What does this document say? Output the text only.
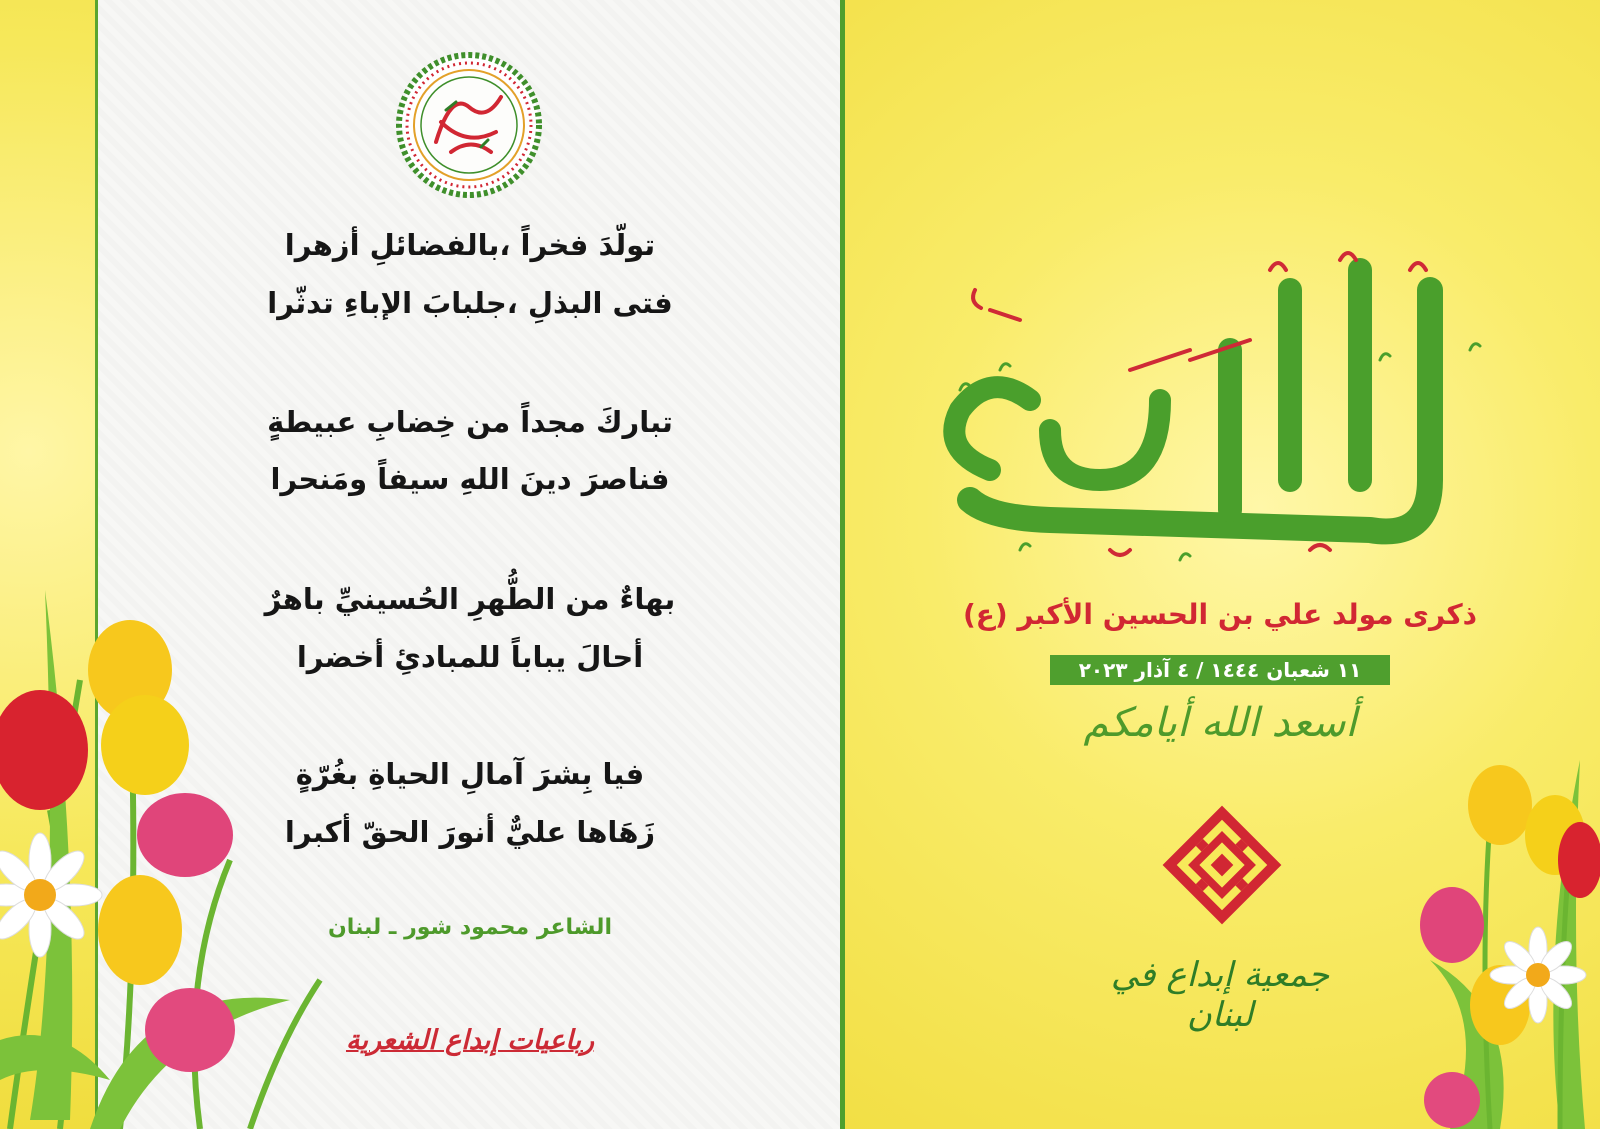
تولّدَ فخراً ،بالفضائلِ أزهرا

فتى البذلِ ،جلبابَ الإباءِ تدثّرا

تباركَ مجداً من خِضابِ عبيطةٍ

فناصرَ دينَ اللهِ سيفاً ومَنحرا

بهاءٌ من الطُّهرِ الحُسينيِّ باهرٌ

أحالَ يباباً للمبادئِ أخضرا

فيا بِشرَ آمالِ الحياةِ بغُرّةٍ

زَهَاها عليٌّ أنورَ الحقّ أكبرا

الشاعر محمود شور ـ لبنان

رباعيات إبداع الشعرية

الجمال النبوي

ذكرى مولد علي بن الحسين الأكبر (ع)

١١ شعبان ١٤٤٤ / ٤ آذار ٢٠٢٣

أسعد الله أيامكم

جمعية إبداع في لبنان
